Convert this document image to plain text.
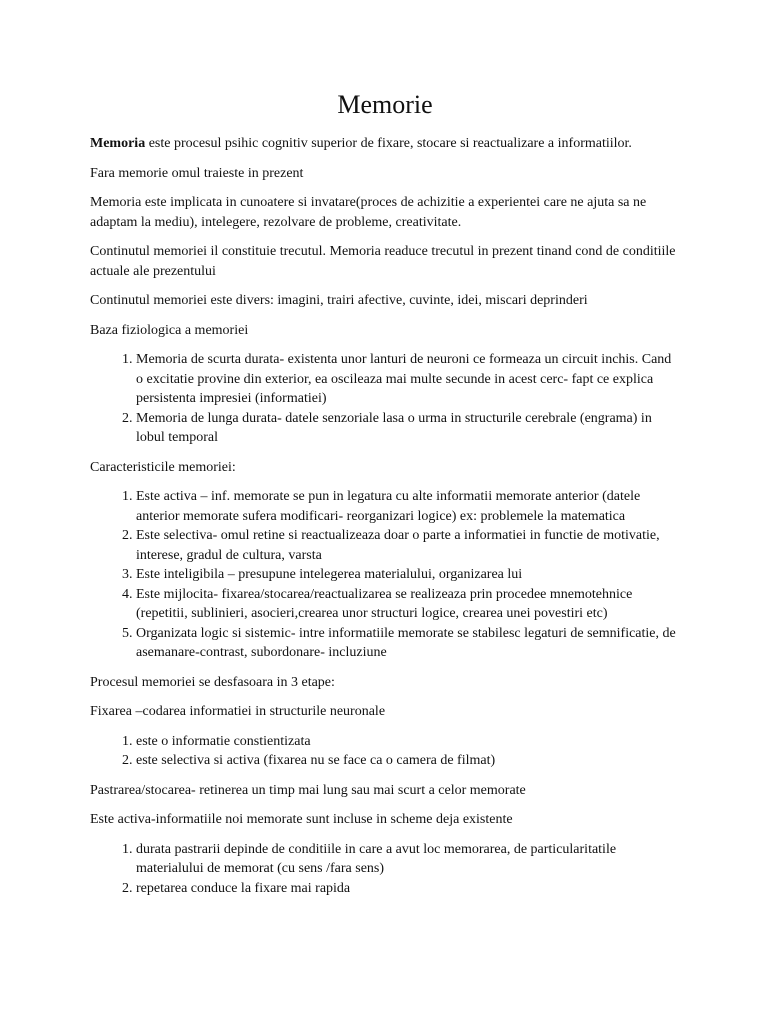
Memorie

Memoria este procesul psihic cognitiv superior de fixare, stocare si reactualizare a informatiilor.

Fara memorie omul traieste in prezent

Memoria este implicata in cunoatere si invatare(proces de achizitie a experientei care ne ajuta sa ne adaptam la mediu), intelegere, rezolvare de probleme, creativitate.

Continutul memoriei il constituie trecutul. Memoria readuce trecutul in prezent tinand cond de conditiile actuale ale prezentului

Continutul memoriei este divers: imagini, trairi afective, cuvinte, idei, miscari deprinderi

Baza fiziologica a memoriei

1. Memoria de scurta durata- existenta unor lanturi de neuroni ce formeaza un circuit inchis. Cand o excitatie provine din exterior, ea oscileaza mai multe secunde in acest cerc- fapt ce explica persistenta impresiei (informatiei)
2. Memoria de lunga durata- datele senzoriale lasa o urma in structurile cerebrale (engrama) in lobul temporal

Caracteristicile memoriei:

1. Este activa – inf. memorate se pun in legatura cu alte informatii memorate anterior (datele anterior memorate sufera modificari- reorganizari logice) ex: problemele la matematica
2. Este selectiva- omul retine si reactualizeaza doar o parte a informatiei in functie de motivatie, interese, gradul de cultura, varsta
3. Este inteligibila – presupune intelegerea materialului, organizarea lui
4. Este mijlocita- fixarea/stocarea/reactualizarea se realizeaza prin procedee mnemotehnice (repetitii, sublinieri, asocieri,crearea unor structuri logice, crearea unei povestiri etc)
5. Organizata logic si sistemic- intre informatiile memorate se stabilesc legaturi de semnificatie, de asemanare-contrast, subordonare- incluziune

Procesul memoriei se desfasoara in 3 etape:

Fixarea –codarea informatiei in structurile neuronale

1. este o informatie constientizata
2. este selectiva si activa (fixarea nu se face ca o camera de filmat)

Pastrarea/stocarea- retinerea un timp mai lung sau mai scurt a celor memorate

Este activa-informatiile noi memorate sunt incluse in scheme deja existente

1. durata pastrarii depinde de conditiile in care a avut loc memorarea, de particularitatile materialului de memorat (cu sens /fara sens)
2. repetarea conduce la fixare mai rapida
